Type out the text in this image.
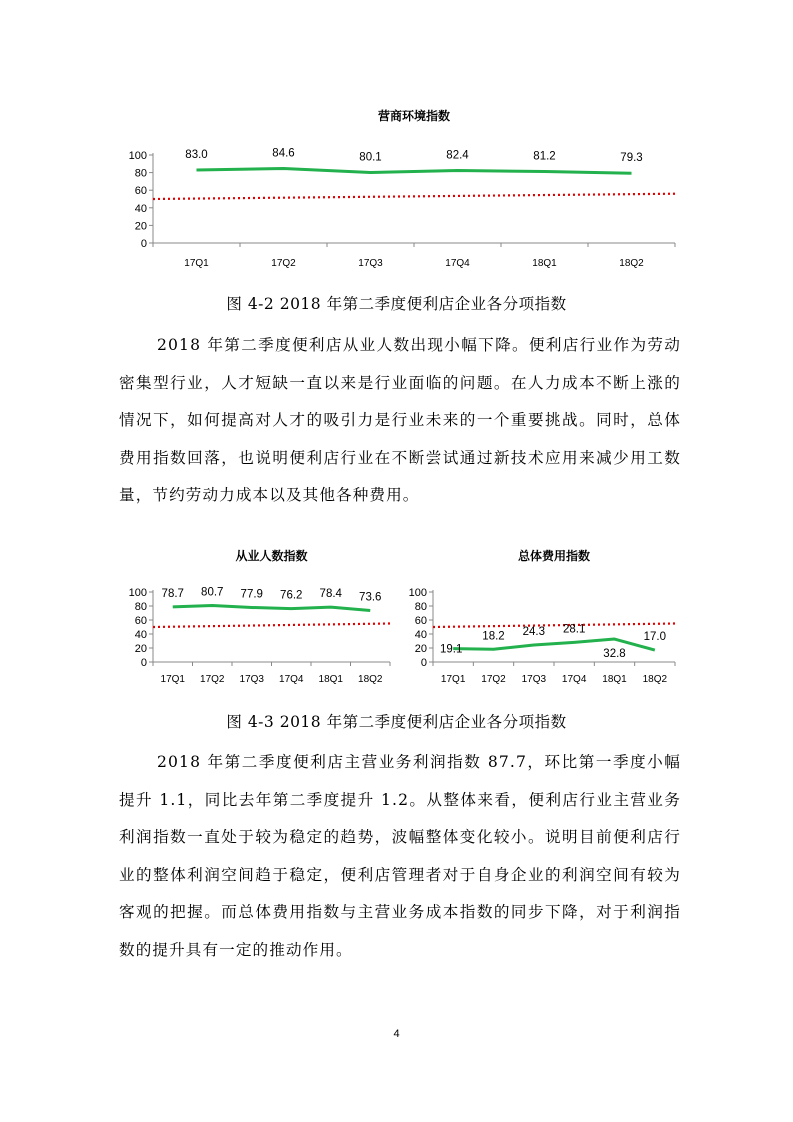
营商环境指数
0
20
40
60
80
100
17Q1	17Q2	17Q3	17Q4	18Q1	18Q2
83.0	84.6	80.1	82.4	81.2	79.3
图 4-2 2018 年第二季度便利店企业各分项指数

2018 年第二季度便利店从业人数出现小幅下降。便利店行业作为劳动密集型行业，人才短缺一直以来是行业面临的问题。在人力成本不断上涨的情况下，如何提高对人才的吸引力是行业未来的一个重要挑战。同时，总体费用指数回落，也说明便利店行业在不断尝试通过新技术应用来减少用工数量，节约劳动力成本以及其他各种费用。

从业人数指数
0
20
40
60
80
100
17Q1 17Q2 17Q3 17Q4 18Q1 18Q2
78.7 80.7 77.9 76.2 78.4 73.6
总体费用指数
0
20
40
60
80
100
17Q1 17Q2 17Q3 17Q4 18Q1 18Q2
19.1
18.2 24.3 28.1
32.8
17.0
图 4-3 2018 年第二季度便利店企业各分项指数

2018 年第二季度便利店主营业务利润指数 87.7，环比第一季度小幅提升 1.1，同比去年第二季度提升 1.2。从整体来看，便利店行业主营业务利润指数一直处于较为稳定的趋势，波幅整体变化较小。说明目前便利店行业的整体利润空间趋于稳定，便利店管理者对于自身企业的利润空间有较为客观的把握。而总体费用指数与主营业务成本指数的同步下降，对于利润指数的提升具有一定的推动作用。

4
